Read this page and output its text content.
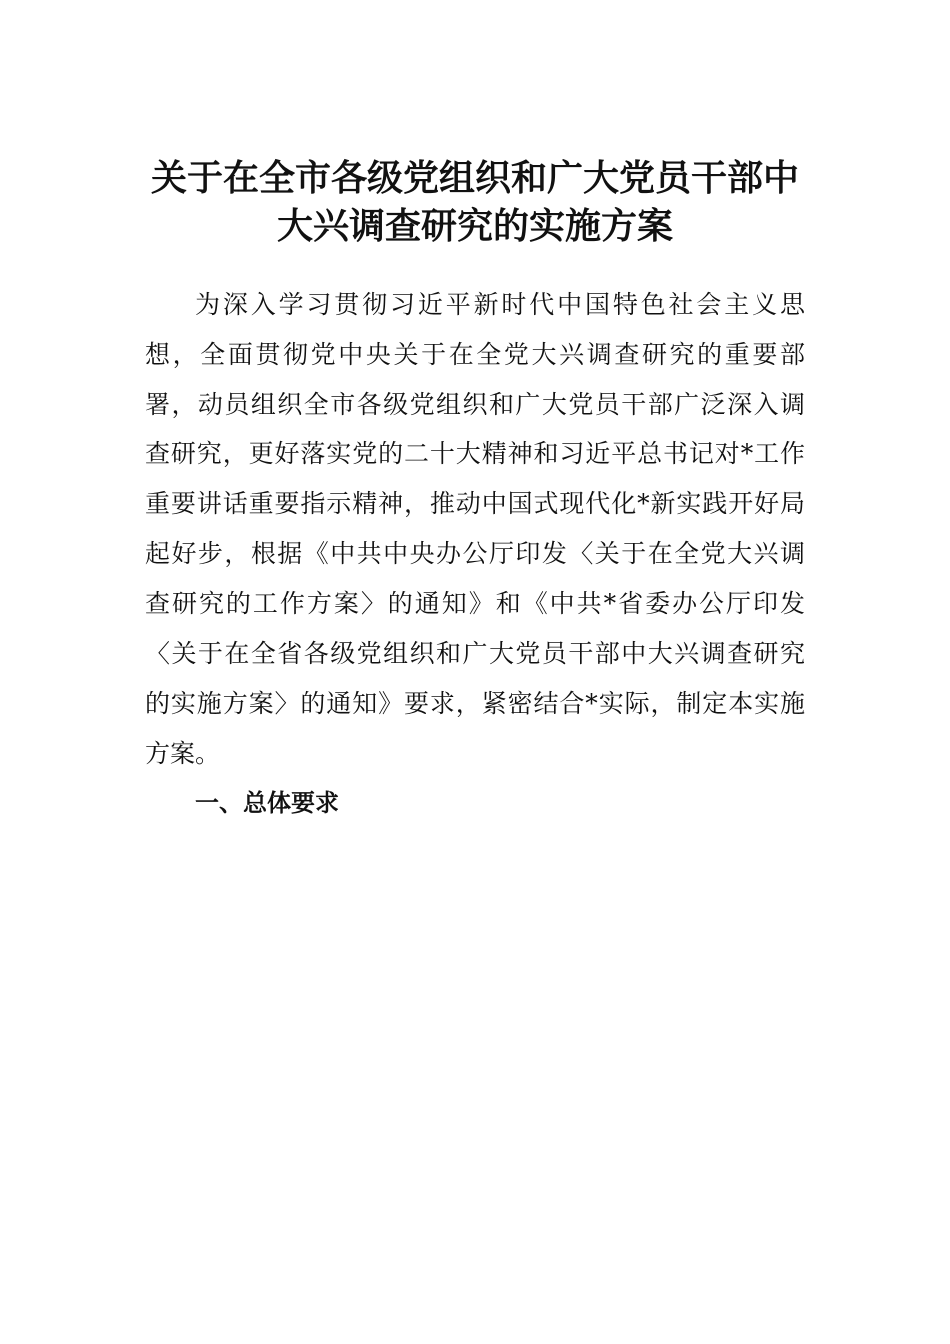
关于在全市各级党组织和广大党员干部中
大兴调查研究的实施方案

为深入学习贯彻习近平新时代中国特色社会主义思

想，全面贯彻党中央关于在全党大兴调查研究的重要部

署，动员组织全市各级党组织和广大党员干部广泛深入调

查研究，更好落实党的二十大精神和习近平总书记对*工作

重要讲话重要指示精神，推动中国式现代化*新实践开好局

起好步，根据《中共中央办公厅印发〈关于在全党大兴调

查研究的工作方案〉的通知》和《中共*省委办公厅印发

〈关于在全省各级党组织和广大党员干部中大兴调查研究

的实施方案〉的通知》要求，紧密结合*实际，制定本实施

方案。

一、总体要求
